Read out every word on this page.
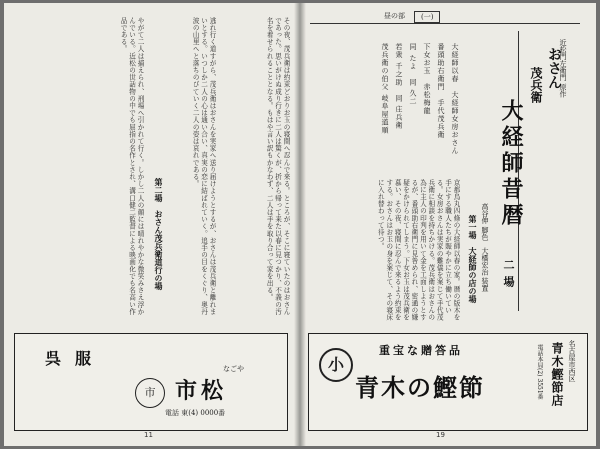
その夜、茂兵衛は約束どおりお玉の寝間へ忍んで来る。ところが、そこに寝ていたのはおさんであった。思いがけぬ成り行きに二人は驚くが、折から帰って来た以春に見つかり、不義の汚名を着せられることとなる。もはや言い訳もかなわず、二人は手を取り合って家を出る。
逃れ行く道すがら、茂兵衛はおさんを実家へ送り届けようとするが、おさんは茂兵衛と離れまいとする。いつしか二人の心は通い合い、真実の恋に結ばれていく。追手の目をくぐり、奥丹波の山里へと落ちのびていく二人の姿は哀れである。
第二場　おさん茂兵衛道行の場
やがて二人は捕えられ、刑場へ引かれて行く。しかし二人の顔には晴れやかな微笑みさえ浮かんでいる。近松の世話物の中でも屈指の名作とされ、溝口健二監督による映画化でも名高い作品である。
呉服
市
なごや
市松
電話 東(4) 0000番
11
昼の部	(一)
近松門左衛門 原作
おさん
茂兵衛
大経師昔暦
二場
高谷伸 脚色　大橋宏治 装置
大経師以春　大経師女房おさん
番頭助右衛門　手代茂兵衛
下女お玉　赤松梅龍
同 たよ　同 久二
若衆 千之助　同 庄兵衛
茂兵衛の伯父 岐阜屋道順
第一場　大経師の店の場
京都烏丸四條の大経師以春の家。暦の版木を手にする職人たちが賑やかに立ち働いている。女房おさんは実家の難儀を案じて手代茂兵衛に相談を持ちかける。茂兵衛はおさんの為に主人の印判を用いて金を工面しようとするが、番頭助右衛門に見咎められ、密通の嫌疑をかけられてしまう。下女お玉は茂兵衛を慕い、その夜、寝間に忍んで来るよう約束をする。おさんはお玉の身を案じて、その寝床に入れ替わって待つ。
小
重宝な贈答品
青木の鰹節	青木鰹節店 名古屋市西区
電話本局(2) 3551番
19
